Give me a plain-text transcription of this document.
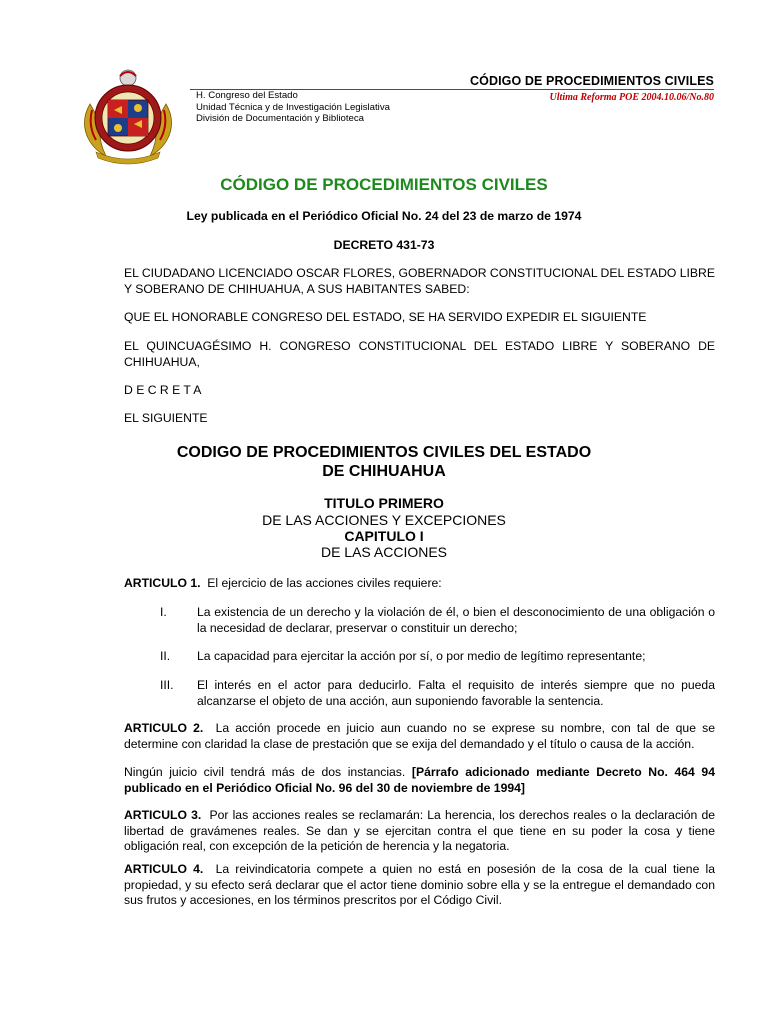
CÓDIGO DE PROCEDIMIENTOS CIVILES
H. Congreso del Estado
Unidad Técnica y de Investigación Legislativa
División de Documentación y Biblioteca
Ultima Reforma POE 2004.10.06/No.80
CÓDIGO DE PROCEDIMIENTOS CIVILES
Ley publicada en el Periódico Oficial No. 24 del 23 de marzo de 1974
DECRETO 431-73
EL CIUDADANO LICENCIADO OSCAR FLORES, GOBERNADOR CONSTITUCIONAL DEL ESTADO LIBRE Y SOBERANO DE CHIHUAHUA, A SUS HABITANTES SABED:
QUE EL HONORABLE CONGRESO DEL ESTADO, SE HA SERVIDO EXPEDIR EL SIGUIENTE
EL QUINCUAGÉSIMO H. CONGRESO CONSTITUCIONAL DEL ESTADO LIBRE Y SOBERANO DE CHIHUAHUA,
D E C R E T A
EL SIGUIENTE
CODIGO DE PROCEDIMIENTOS CIVILES DEL ESTADO
DE CHIHUAHUA
TITULO PRIMERO
DE LAS ACCIONES Y EXCEPCIONES
CAPITULO I
DE LAS ACCIONES
ARTICULO 1. El ejercicio de las acciones civiles requiere:
I. La existencia de un derecho y la violación de él, o bien el desconocimiento de una obligación o la necesidad de declarar, preservar o constituir un derecho;
II. La capacidad para ejercitar la acción por sí, o por medio de legítimo representante;
III. El interés en el actor para deducirlo. Falta el requisito de interés siempre que no pueda alcanzarse el objeto de una acción, aun suponiendo favorable la sentencia.
ARTICULO 2. La acción procede en juicio aun cuando no se exprese su nombre, con tal de que se determine con claridad la clase de prestación que se exija del demandado y el título o causa de la acción.
Ningún juicio civil tendrá más de dos instancias. [Párrafo adicionado mediante Decreto No. 464 94 publicado en el Periódico Oficial No. 96 del 30 de noviembre de 1994]
ARTICULO 3. Por las acciones reales se reclamarán: La herencia, los derechos reales o la declaración de libertad de gravámenes reales. Se dan y se ejercitan contra el que tiene en su poder la cosa y tiene obligación real, con excepción de la petición de herencia y la negatoria.
ARTICULO 4. La reivindicatoria compete a quien no está en posesión de la cosa de la cual tiene la propiedad, y su efecto será declarar que el actor tiene dominio sobre ella y se la entregue el demandado con sus frutos y accesiones, en los términos prescritos por el Código Civil.
